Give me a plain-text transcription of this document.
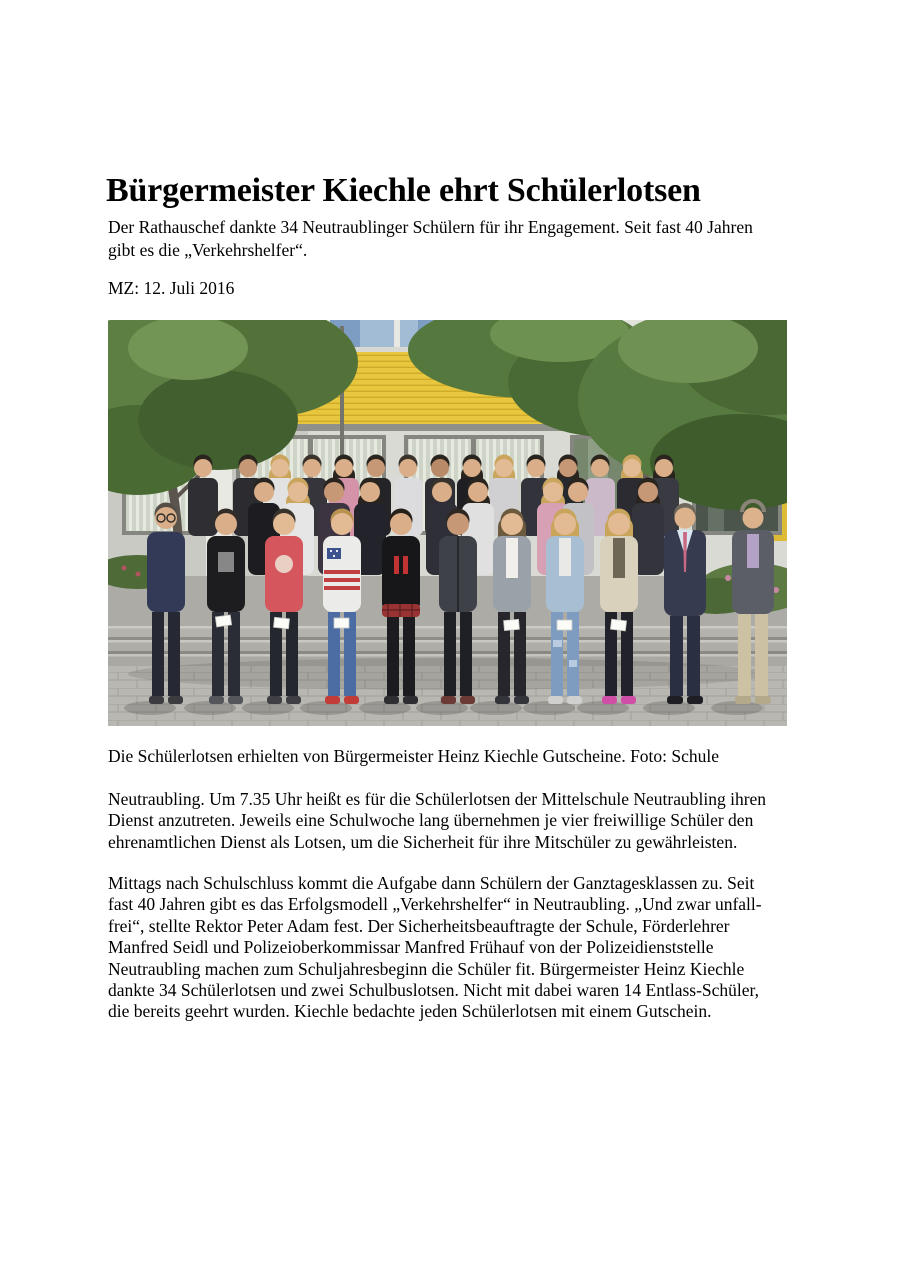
Bürgermeister Kiechle ehrt Schülerlotsen
Der Rathauschef dankte 34 Neutraublinger Schülern für ihr Engagement. Seit fast 40 Jahren
gibt es die „Verkehrshelfer“.
MZ: 12. Juli 2016
Die Schülerlotsen erhielten von Bürgermeister Heinz Kiechle Gutscheine. Foto: Schule
Neutraubling. Um 7.35 Uhr heißt es für die Schülerlotsen der Mittelschule Neutraubling ihren
Dienst anzutreten. Jeweils eine Schulwoche lang übernehmen je vier freiwillige Schüler den
ehrenamtlichen Dienst als Lotsen, um die Sicherheit für ihre Mitschüler zu gewährleisten.
Mittags nach Schulschluss kommt die Aufgabe dann Schülern der Ganztagesklassen zu. Seit
fast 40 Jahren gibt es das Erfolgsmodell „Verkehrshelfer“ in Neutraubling. „Und zwar unfall-
frei“, stellte Rektor Peter Adam fest. Der Sicherheitsbeauftragte der Schule, Förderlehrer
Manfred Seidl und Polizeioberkommissar Manfred Frühauf von der Polizeidienststelle
Neutraubling machen zum Schuljahresbeginn die Schüler fit. Bürgermeister Heinz Kiechle
dankte 34 Schülerlotsen und zwei Schulbuslotsen. Nicht mit dabei waren 14 Entlass-Schüler,
die bereits geehrt wurden. Kiechle bedachte jeden Schülerlotsen mit einem Gutschein.
